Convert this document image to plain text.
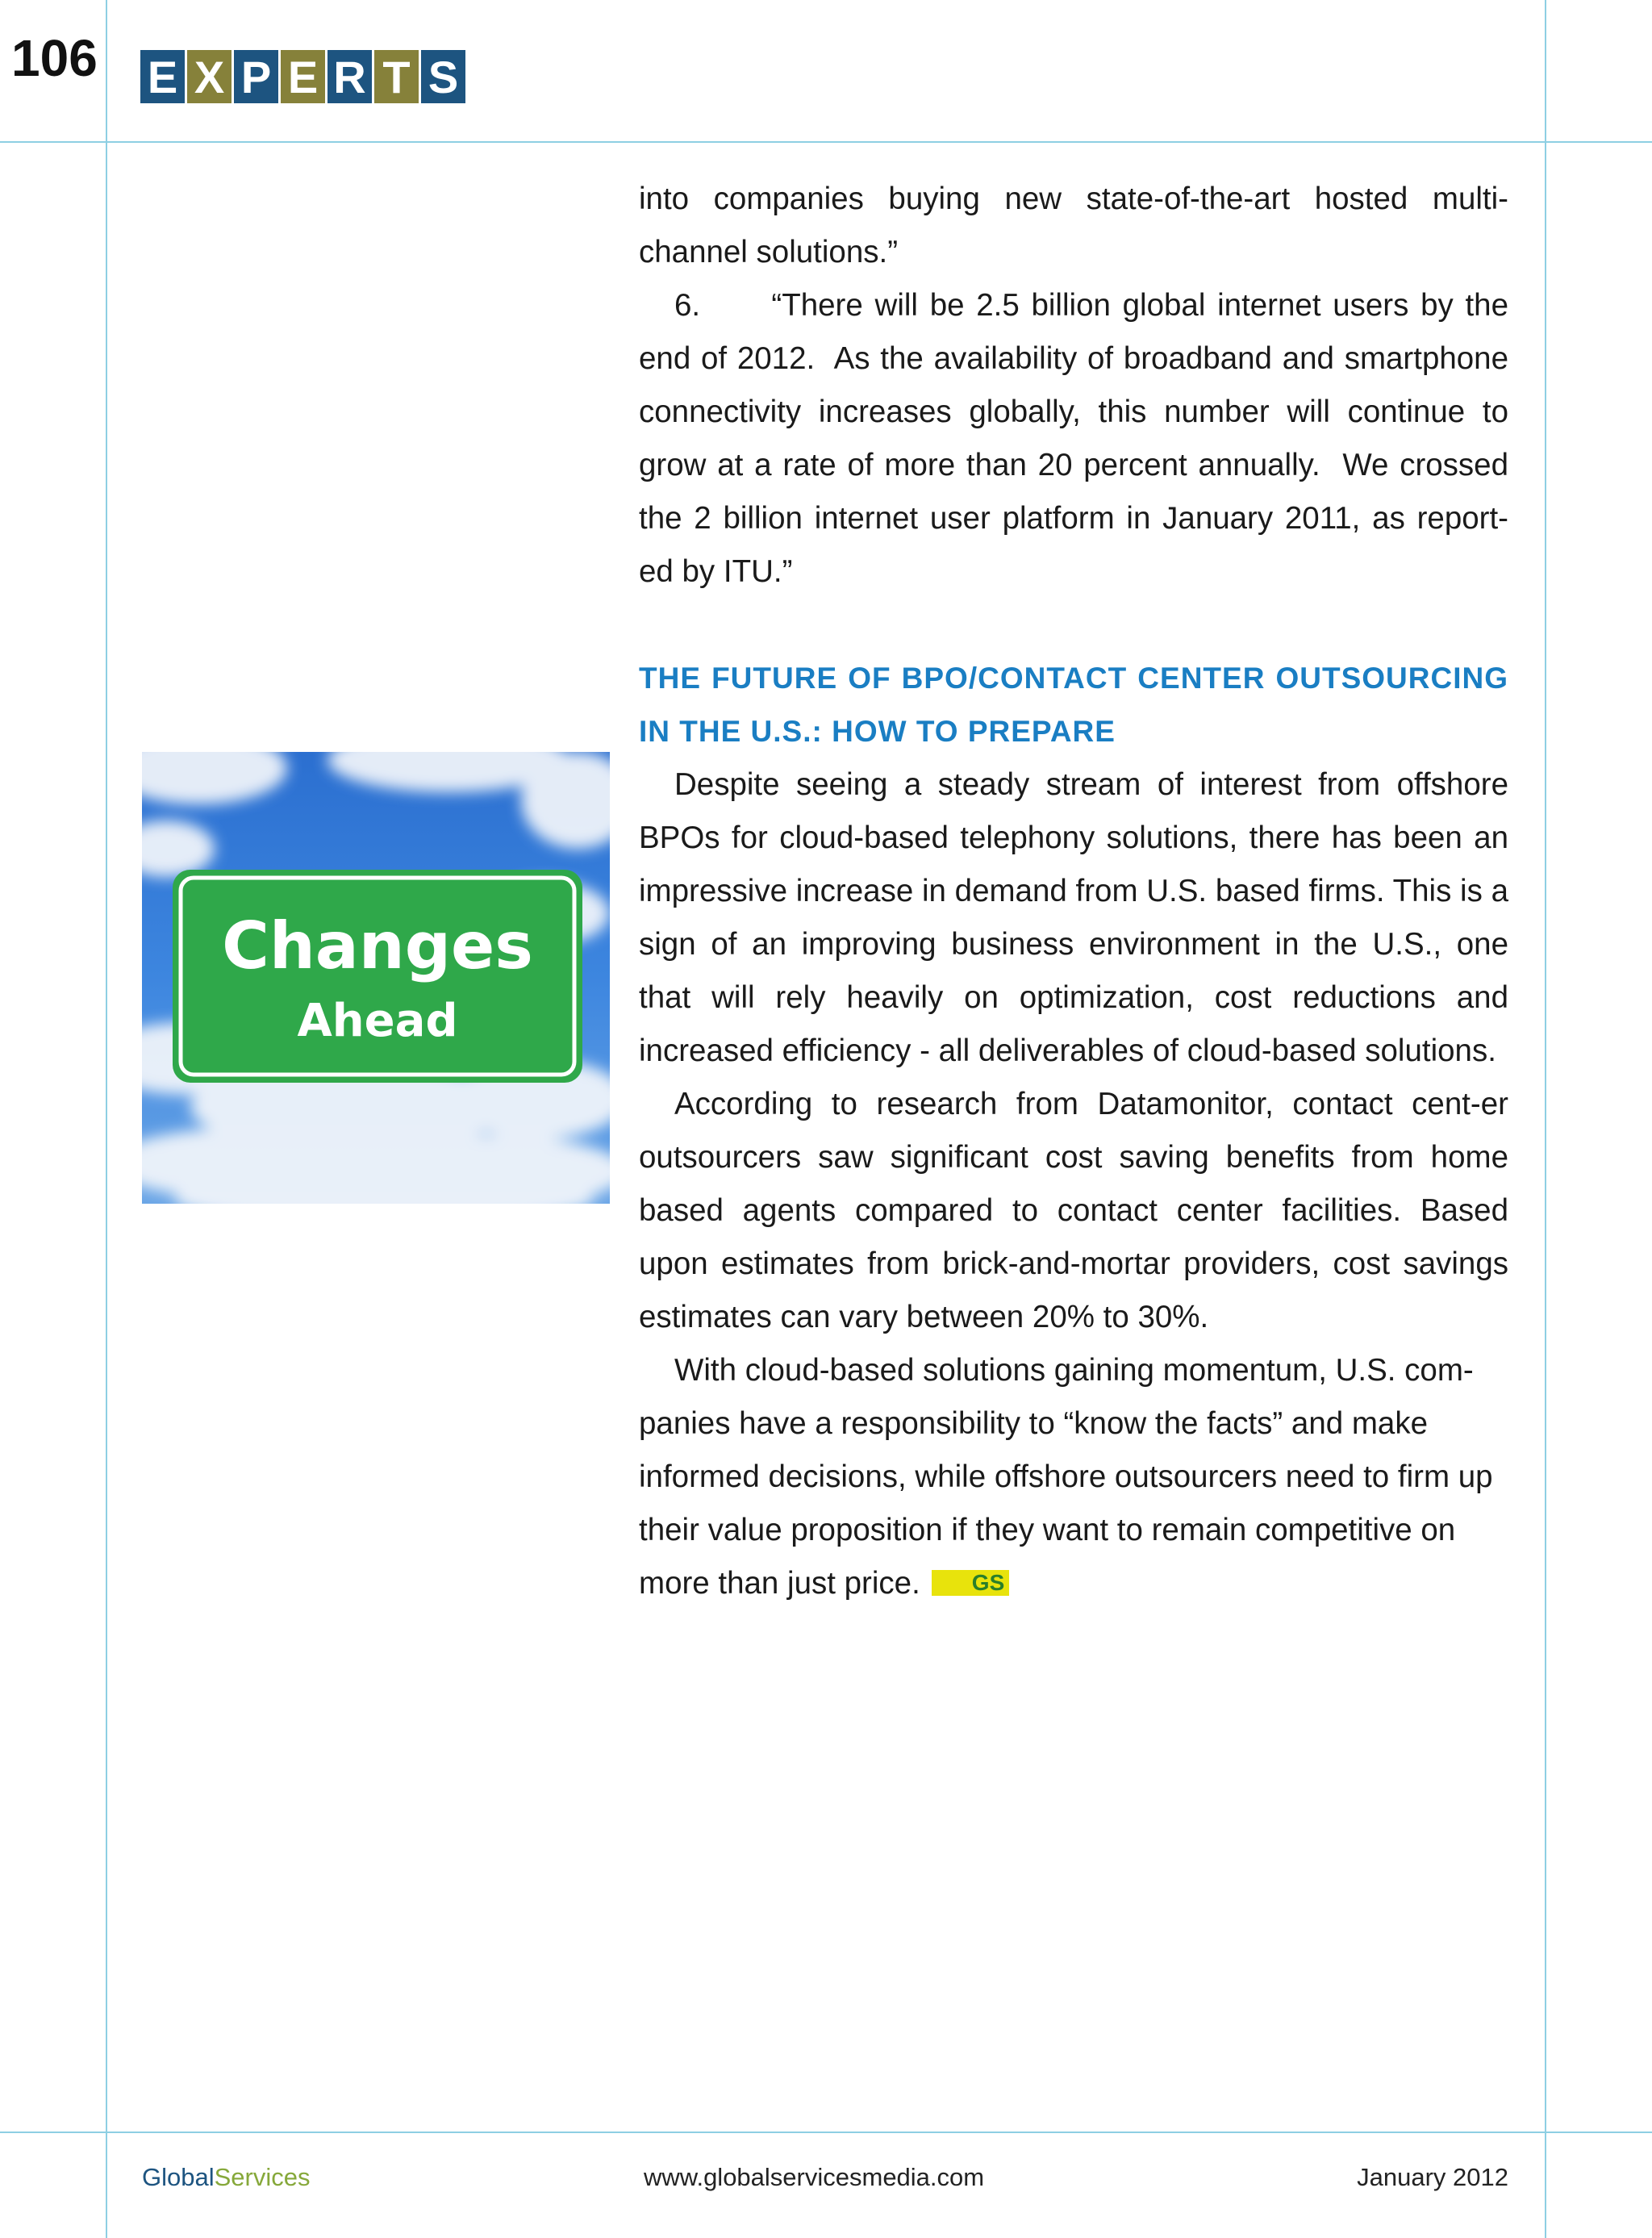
106 E X P E R T S
Changes
Ahead

into companies buying new state-of-the-art hosted multi-channel solutions.”

6.      “There will be 2.5 billion global internet users by the end of 2012.  As the availability of broadband and smartphone connectivity increases globally, this number will continue to grow at a rate of more than 20 percent annually.  We crossed the 2 billion internet user platform in January 2011, as report-ed by ITU.”

THE FUTURE OF BPO/CONTACT CENTER OUTSOURCING IN THE U.S.: HOW TO PREPARE

Despite seeing a steady stream of interest from offshore BPOs for cloud-based telephony solutions, there has been an impressive increase in demand from U.S. based firms. This is a sign of an improving business environment in the U.S., one that will rely heavily on optimization, cost reductions and increased efficiency - all deliverables of cloud-based solutions.

According to research from Datamonitor, contact cent-er outsourcers saw significant cost saving benefits from home based agents compared to contact center facilities. Based upon estimates from brick-and-mortar providers, cost savings estimates can vary between 20% to 30%.

With cloud-based solutions gaining momentum, U.S. com-panies have a responsibility to “know the facts” and make informed decisions, while offshore outsourcers need to firm up their value proposition if they want to remain competitive on more than just price. GS

GlobalServices	www.globalservicesmedia.com	January 2012
